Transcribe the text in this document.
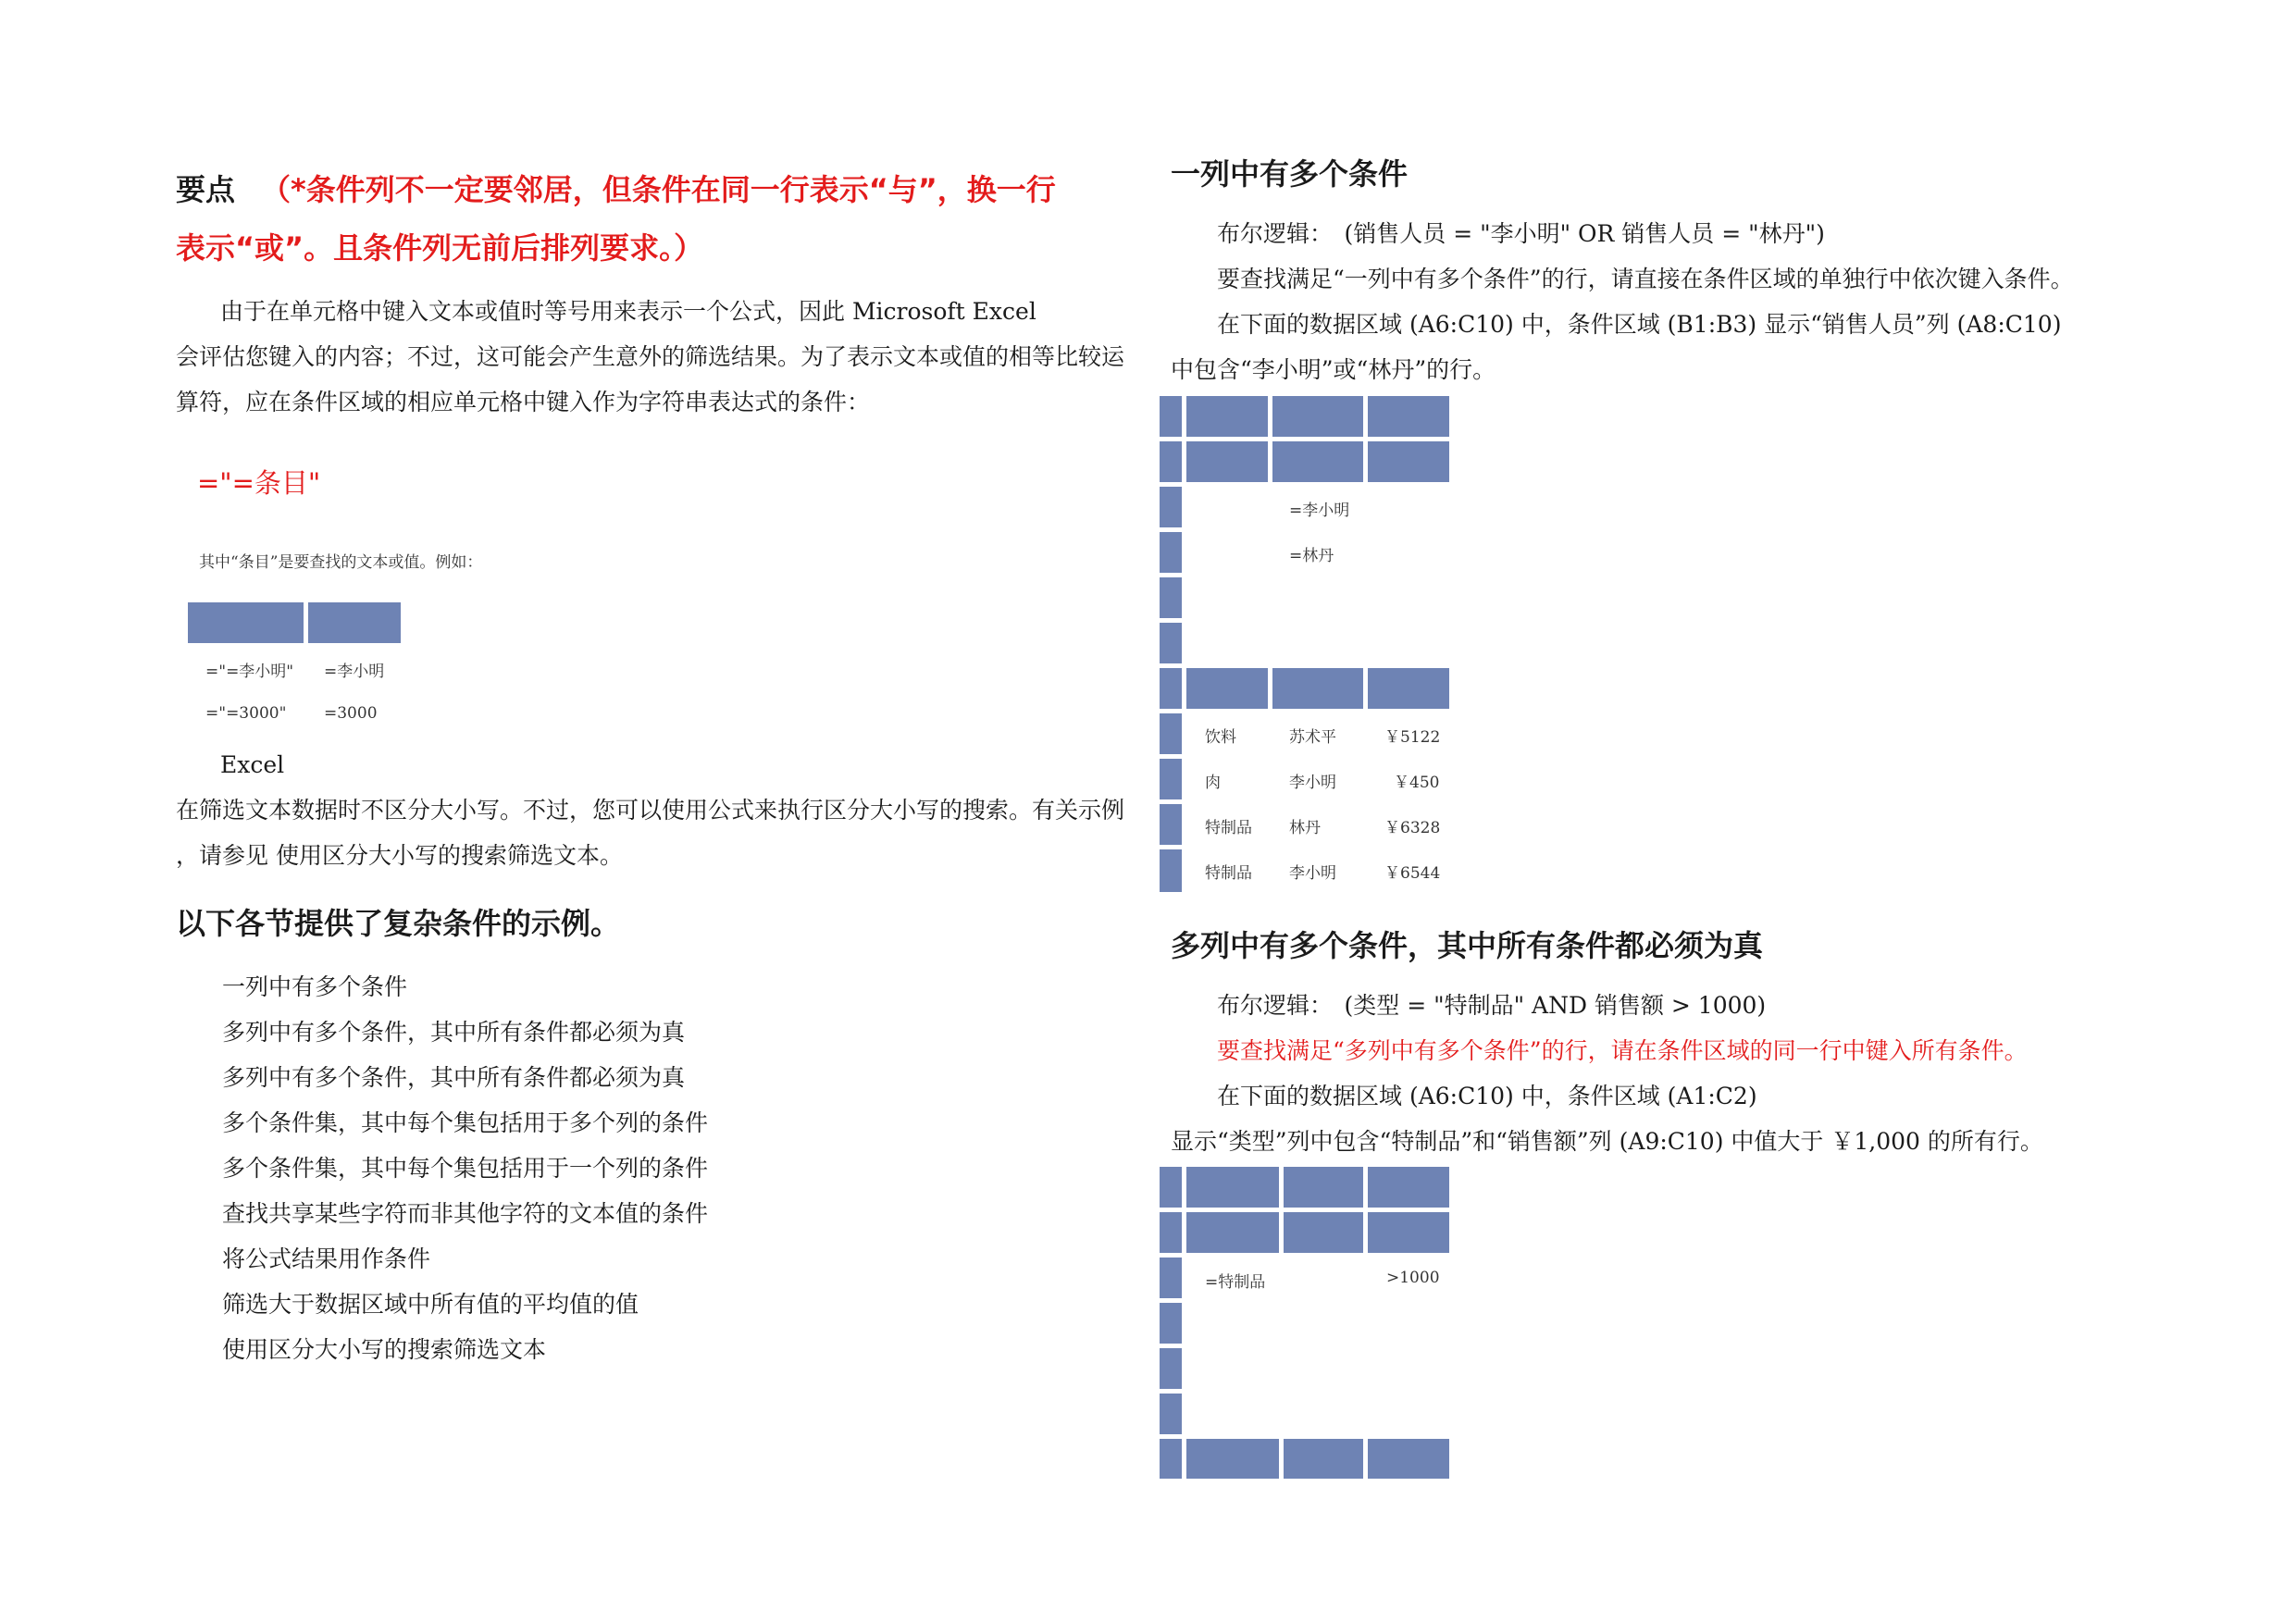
要点 （*条件列不一定要邻居，但条件在同一行表示“与”，换一行
表示“或”。且条件列无前后排列要求。）
由于在单元格中键入文本或值时等号用来表示一个公式，因此 Microsoft Excel
会评估您键入的内容；不过，这可能会产生意外的筛选结果。为了表示文本或值的相等比较运
算符，应在条件区域的相应单元格中键入作为字符串表达式的条件：
="=条目"
其中“条目”是要查找的文本或值。例如：
="=李小明" =李小明
="=3000" =3000
Excel
在筛选文本数据时不区分大小写。不过，您可以使用公式来执行区分大小写的搜索。有关示例
，请参见 使用区分大小写的搜索筛选文本。
以下各节提供了复杂条件的示例。
一列中有多个条件
多列中有多个条件，其中所有条件都必须为真
多列中有多个条件，其中所有条件都必须为真
多个条件集，其中每个集包括用于多个列的条件
多个条件集，其中每个集包括用于一个列的条件
查找共享某些字符而非其他字符的文本值的条件
将公式结果用作条件
筛选大于数据区域中所有值的平均值的值
使用区分大小写的搜索筛选文本
一列中有多个条件
布尔逻辑：　(销售人员 = "李小明" OR 销售人员 = "林丹")
要查找满足“一列中有多个条件”的行，请直接在条件区域的单独行中依次键入条件。
在下面的数据区域 (A6:C10) 中，条件区域 (B1:B3) 显示“销售人员”列 (A8:C10)
中包含“李小明”或“林丹”的行。
=李小明
=林丹
饮料	苏术平	￥5122
肉	李小明	￥450
特制品 林丹	￥6328
特制品 李小明	￥6544
多列中有多个条件，其中所有条件都必须为真
布尔逻辑：　(类型 = "特制品" AND 销售额 > 1000)
要查找满足“多列中有多个条件”的行，请在条件区域的同一行中键入所有条件。
在下面的数据区域 (A6:C10) 中，条件区域 (A1:C2)
显示“类型”列中包含“特制品”和“销售额”列 (A9:C10) 中值大于 ￥1,000 的所有行。
=特制品	>1000
